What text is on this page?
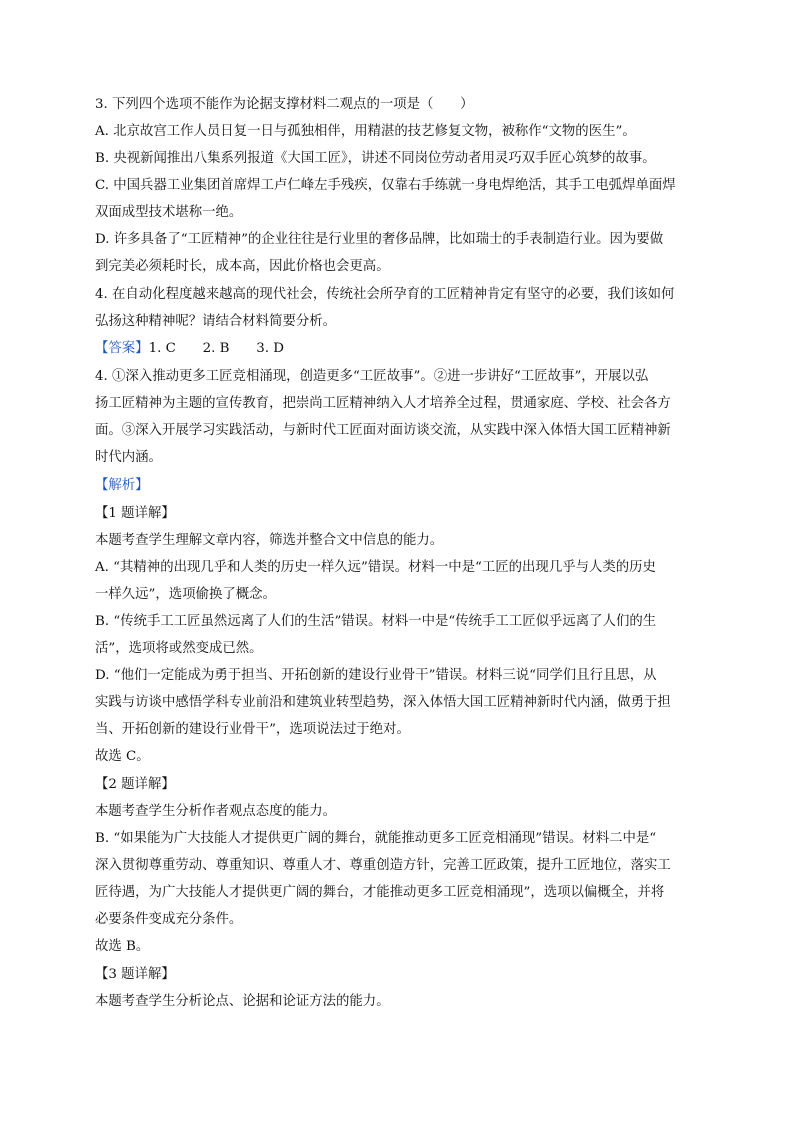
3. 下列四个选项不能作为论据支撑材料二观点的一项是（　　）
A. 北京故宫工作人员日复一日与孤独相伴，用精湛的技艺修复文物，被称作“文物的医生”。
B. 央视新闻推出八集系列报道《大国工匠》，讲述不同岗位劳动者用灵巧双手匠心筑梦的故事。
C. 中国兵器工业集团首席焊工卢仁峰左手残疾，仅靠右手练就一身电焊绝活，其手工电弧焊单面焊
双面成型技术堪称一绝。
D. 许多具备了“工匠精神”的企业往往是行业里的奢侈品牌，比如瑞士的手表制造行业。因为要做
到完美必须耗时长，成本高，因此价格也会更高。
4. 在自动化程度越来越高的现代社会，传统社会所孕育的工匠精神肯定有坚守的必要，我们该如何
弘扬这种精神呢？请结合材料简要分析。
【答案】1. C　　2. B　　3. D
4. ①深入推动更多工匠竞相涌现，创造更多“工匠故事”。②进一步讲好“工匠故事”，开展以弘
扬工匠精神为主题的宣传教育，把崇尚工匠精神纳入人才培养全过程，贯通家庭、学校、社会各方
面。③深入开展学习实践活动，与新时代工匠面对面访谈交流，从实践中深入体悟大国工匠精神新
时代内涵。
【解析】
【1 题详解】
本题考查学生理解文章内容，筛选并整合文中信息的能力。
A. “其精神的出现几乎和人类的历史一样久远”错误。材料一中是“工匠的出现几乎与人类的历史
一样久远”，选项偷换了概念。
B. “传统手工工匠虽然远离了人们的生活”错误。材料一中是“传统手工工匠似乎远离了人们的生
活”，选项将或然变成已然。
D. “他们一定能成为勇于担当、开拓创新的建设行业骨干”错误。材料三说“同学们且行且思，从
实践与访谈中感悟学科专业前沿和建筑业转型趋势，深入体悟大国工匠精神新时代内涵，做勇于担
当、开拓创新的建设行业骨干”，选项说法过于绝对。
故选 C。
【2 题详解】
本题考查学生分析作者观点态度的能力。
B. “如果能为广大技能人才提供更广阔的舞台，就能推动更多工匠竞相涌现”错误。材料二中是“
深入贯彻尊重劳动、尊重知识、尊重人才、尊重创造方针，完善工匠政策，提升工匠地位，落实工
匠待遇，为广大技能人才提供更广阔的舞台，才能推动更多工匠竞相涌现”，选项以偏概全，并将
必要条件变成充分条件。
故选 B。
【3 题详解】
本题考查学生分析论点、论据和论证方法的能力。
